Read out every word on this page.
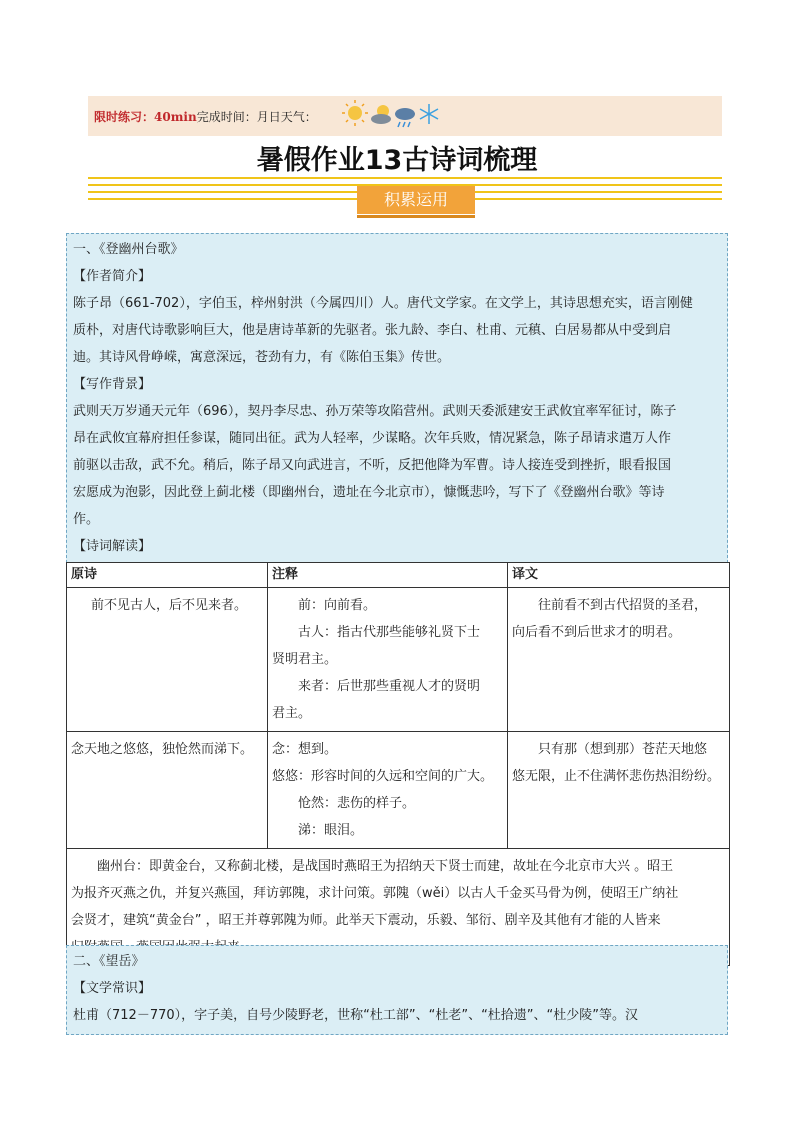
限时练习：40min完成时间：月日天气：
暑假作业13古诗词梳理
积累运用
一、《登幽州台歌》
【作者简介】
陈子昂（661-702），字伯玉，梓州射洪（今属四川）人。唐代文学家。在文学上，其诗思想充实，语言刚健
质朴，对唐代诗歌影响巨大，他是唐诗革新的先驱者。张九龄、李白、杜甫、元稹、白居易都从中受到启
迪。其诗风骨峥嵘，寓意深远，苍劲有力，有《陈伯玉集》传世。
【写作背景】
武则天万岁通天元年（696），契丹李尽忠、孙万荣等攻陷营州。武则天委派建安王武攸宜率军征讨，陈子
昂在武攸宜幕府担任参谋，随同出征。武为人轻率，少谋略。次年兵败，情况紧急，陈子昂请求遣万人作
前驱以击敌，武不允。稍后，陈子昂又向武进言，不听，反把他降为军曹。诗人接连受到挫折，眼看报国
宏愿成为泡影，因此登上蓟北楼（即幽州台，遗址在今北京市），慷慨悲吟，写下了《登幽州台歌》等诗
作。
【诗词解读】
原诗	注释	译文

前不见古人，后不见来者。	前：向前看。
古人：指古代那些能够礼贤下士
贤明君主。
来者：后世那些重视人才的贤明
君主。	往前看不到古代招贤的圣君，
向后看不到后世求才的明君。

念天地之悠悠，独怆然而涕下。	念：想到。
悠悠：形容时间的久远和空间的广大。
怆然：悲伤的样子。
涕：眼泪。	只有那（想到那）苍茫天地悠
悠无限，止不住满怀悲伤热泪纷纷。

幽州台：即黄金台，又称蓟北楼，是战国时燕昭王为招纳天下贤士而建，故址在今北京市大兴 。昭王
为报齐灭燕之仇，并复兴燕国，拜访郭隗，求计问策。郭隗（wěi）以古人千金买马骨为例，使昭王广纳社
会贤才，建筑“黄金台” ，昭王并尊郭隗为师。此举天下震动，乐毅、邹衍、剧辛及其他有才能的人皆来		
二、《望岳》
【文学常识】
杜甫（712－770），字子美，自号少陵野老，世称“杜工部”、“杜老”、“杜拾遗”、“杜少陵”等。汉
